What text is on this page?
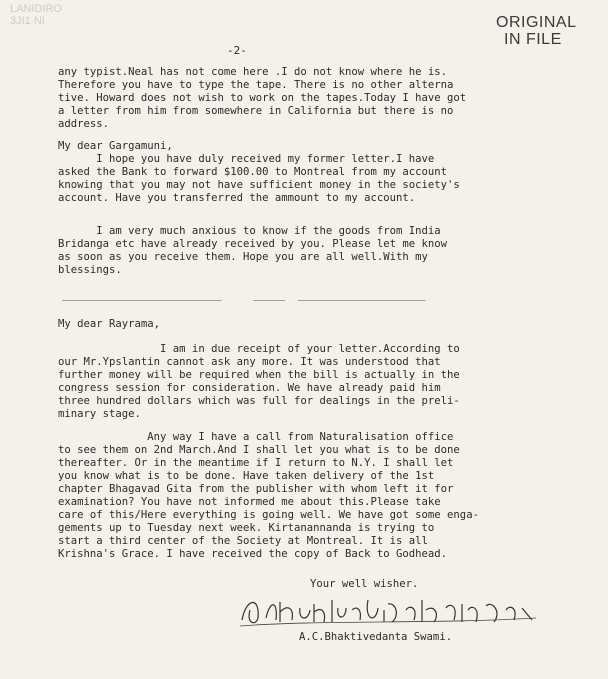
LANIDIRO
3JI1 NI	ORIGINAL
IN FILE
-2-
any typist.Neal has not come here .I do not know where he is.
Therefore you have to type the tape. There is no other alterna
tive. Howard does not wish to work on the tapes.Today I have got
a letter from him from somewhere in California but there is no
address.
My dear Gargamuni,
I hope you have duly received my former letter.I have
asked the Bank to forward $100.00 to Montreal from my account
knowing that you may not have sufficient money in the society's
account. Have you transferred the ammount to my account.
I am very much anxious to know if the goods from India
Bridanga etc have already received by you. Please let me know
as soon as you receive them. Hope you are all well.With my
blessings.
_________________________     _____  ____________________
My dear Rayrama,
I am in due receipt of your letter.According to
our Mr.Ypslantin cannot ask any more. It was understood that
further money will be required when the bill is actually in the
congress session for consideration. We have already paid him
three hundred dollars which was full for dealings in the preli-
minary stage.
Any way I have a call from Naturalisation office
to see them on 2nd March.And I shall let you what is to be done
thereafter. Or in the meantime if I return to N.Y. I shall let
you know what is to be done. Have taken delivery of the 1st
chapter Bhagavad Gita from the publisher with whom left it for
examination? You have not informed me about this.Please take
care of this/Here everything is going well. We have got some enga-
gements up to Tuesday next week. Kirtanannanda is trying to
start a third center of the Society at Montreal. It is all
Krishna's Grace. I have received the copy of Back to Godhead.
Your well wisher.
A.C.Bhaktivedanta Swami.
